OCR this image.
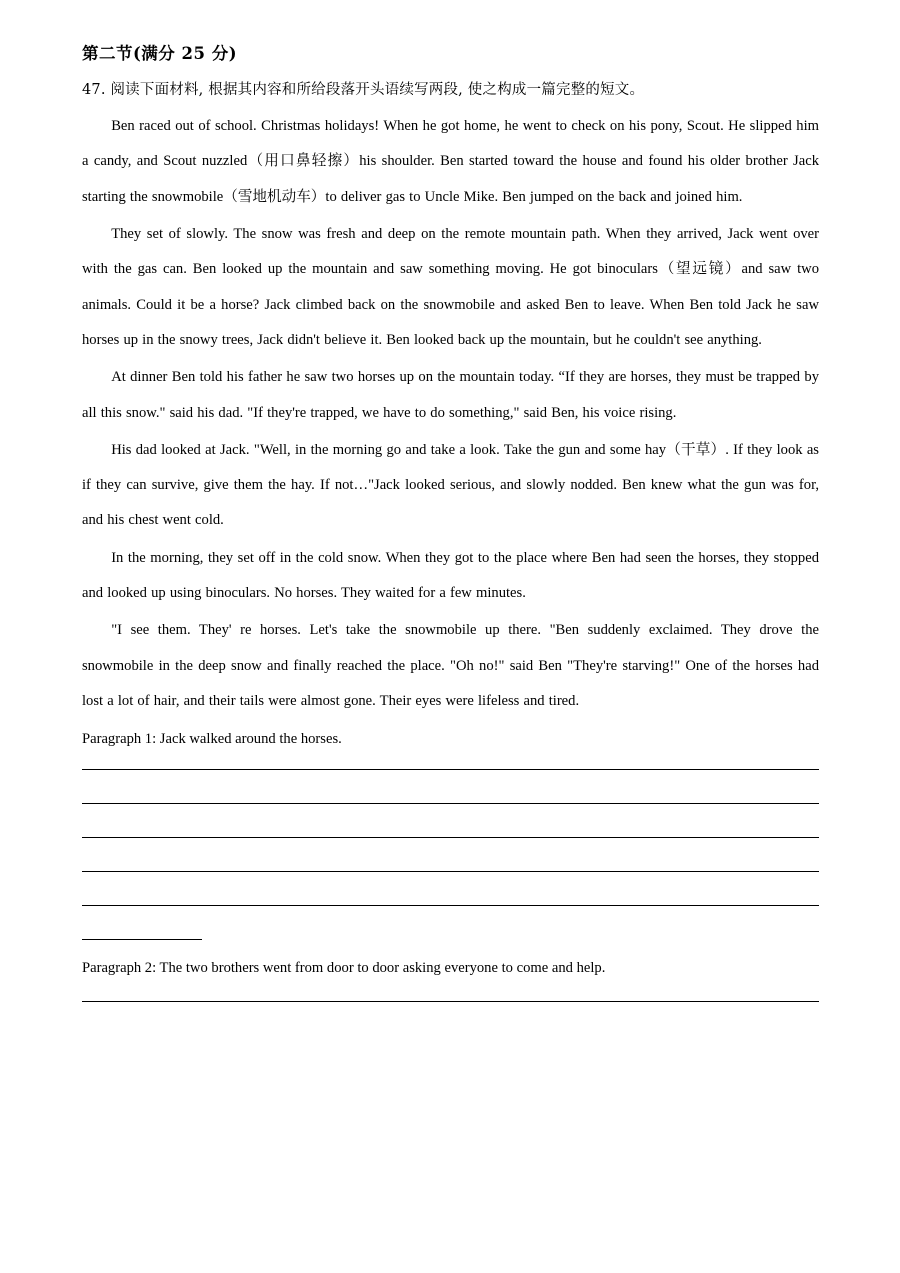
第二节(满分 25 分)
47. 阅读下面材料, 根据其内容和所给段落开头语续写两段, 使之构成一篇完整的短文。

Ben raced out of school. Christmas holidays! When he got home, he went to check on his pony, Scout. He slipped him a candy, and Scout nuzzled（用口鼻轻擦）his shoulder. Ben started toward the house and found his older brother Jack starting the snowmobile（雪地机动车）to deliver gas to Uncle Mike. Ben jumped on the back and joined him.

They set of slowly. The snow was fresh and deep on the remote mountain path. When they arrived, Jack went over with the gas can. Ben looked up the mountain and saw something moving. He got binoculars（望远镜）and saw two animals. Could it be a horse? Jack climbed back on the snowmobile and asked Ben to leave. When Ben told Jack he saw horses up in the snowy trees, Jack didn't believe it. Ben looked back up the mountain, but he couldn't see anything.

At dinner Ben told his father he saw two horses up on the mountain today. “If they are horses, they must be trapped by all this snow." said his dad. "If they're trapped, we have to do something," said Ben, his voice rising.

His dad looked at Jack. "Well, in the morning go and take a look. Take the gun and some hay（干草）. If they look as if they can survive, give them the hay. If not…"Jack looked serious, and slowly nodded. Ben knew what the gun was for, and his chest went cold.

In the morning, they set off in the cold snow. When they got to the place where Ben had seen the horses, they stopped and looked up using binoculars. No horses. They waited for a few minutes.

"I see them. They' re horses. Let's take the snowmobile up there. "Ben suddenly exclaimed. They drove the snowmobile in the deep snow and finally reached the place. "Oh no!" said Ben "They're starving!" One of the horses had lost a lot of hair, and their tails were almost gone. Their eyes were lifeless and tired.

Paragraph 1: Jack walked around the horses.
Paragraph 2: The two brothers went from door to door asking everyone to come and help.
